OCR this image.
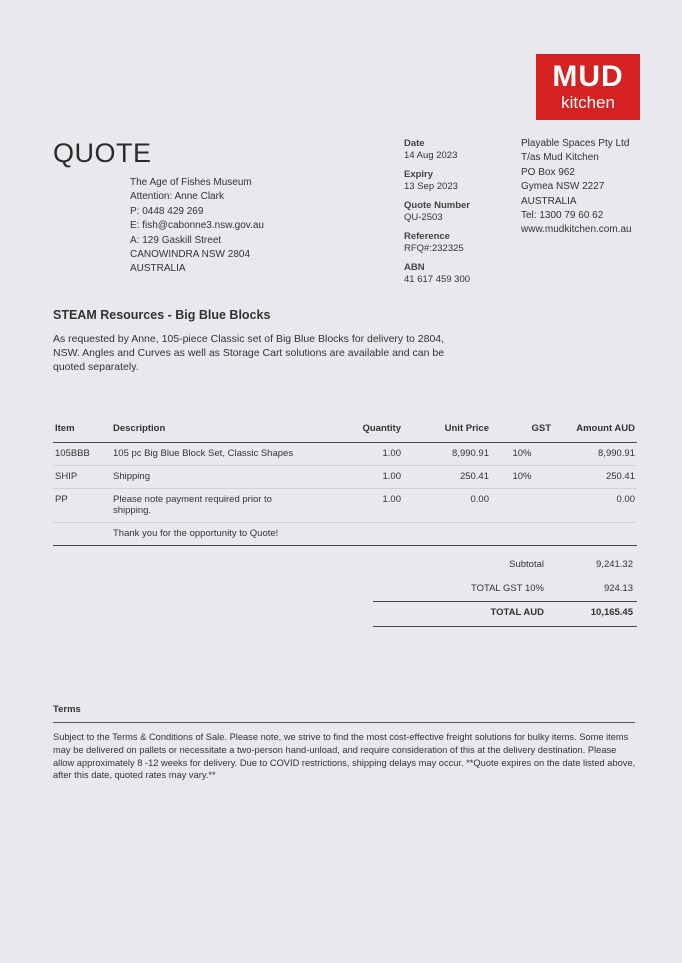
MUD
kitchen
QUOTE
The Age of Fishes Museum
Attention: Anne Clark
P: 0448 429 269
E: fish@cabonne3.nsw.gov.au
A: 129 Gaskill Street
CANOWINDRA NSW 2804
AUSTRALIA
Date
14 Aug 2023
Expiry
13 Sep 2023
Quote Number
QU-2503
Reference
RFQ#:232325
ABN
41 617 459 300
Playable Spaces Pty Ltd
T/as Mud Kitchen
PO Box 962
Gymea NSW 2227
AUSTRALIA
Tel: 1300 79 60 62
www.mudkitchen.com.au
STEAM Resources - Big Blue Blocks
As requested by Anne, 105-piece Classic set of Big Blue Blocks for delivery to 2804, NSW. Angles and Curves as well as Storage Cart solutions are available and can be quoted separately.
Item	Description	Quantity	Unit Price	GST	Amount AUD
105BBB	105 pc Big Blue Block Set, Classic Shapes	1.00	8,990.91	10%	8,990.91
SHIP	Shipping	1.00	250.41	10%	250.41
PP	Please note payment required prior to shipping.	1.00	0.00		0.00
	Thank you for the opportunity to Quote!				
Subtotal	9,241.32
TOTAL GST 10%	924.13
TOTAL AUD	10,165.45
Terms
Subject to the Terms & Conditions of Sale. Please note, we strive to find the most cost-effective freight solutions for bulky items. Some items may be delivered on pallets or necessitate a two-person hand-unload, and require consideration of this at the delivery destination. Please allow approximately 8 -12 weeks for delivery. Due to COVID restrictions, shipping delays may occur. **Quote expires on the date listed above, after this date, quoted rates may vary.**
